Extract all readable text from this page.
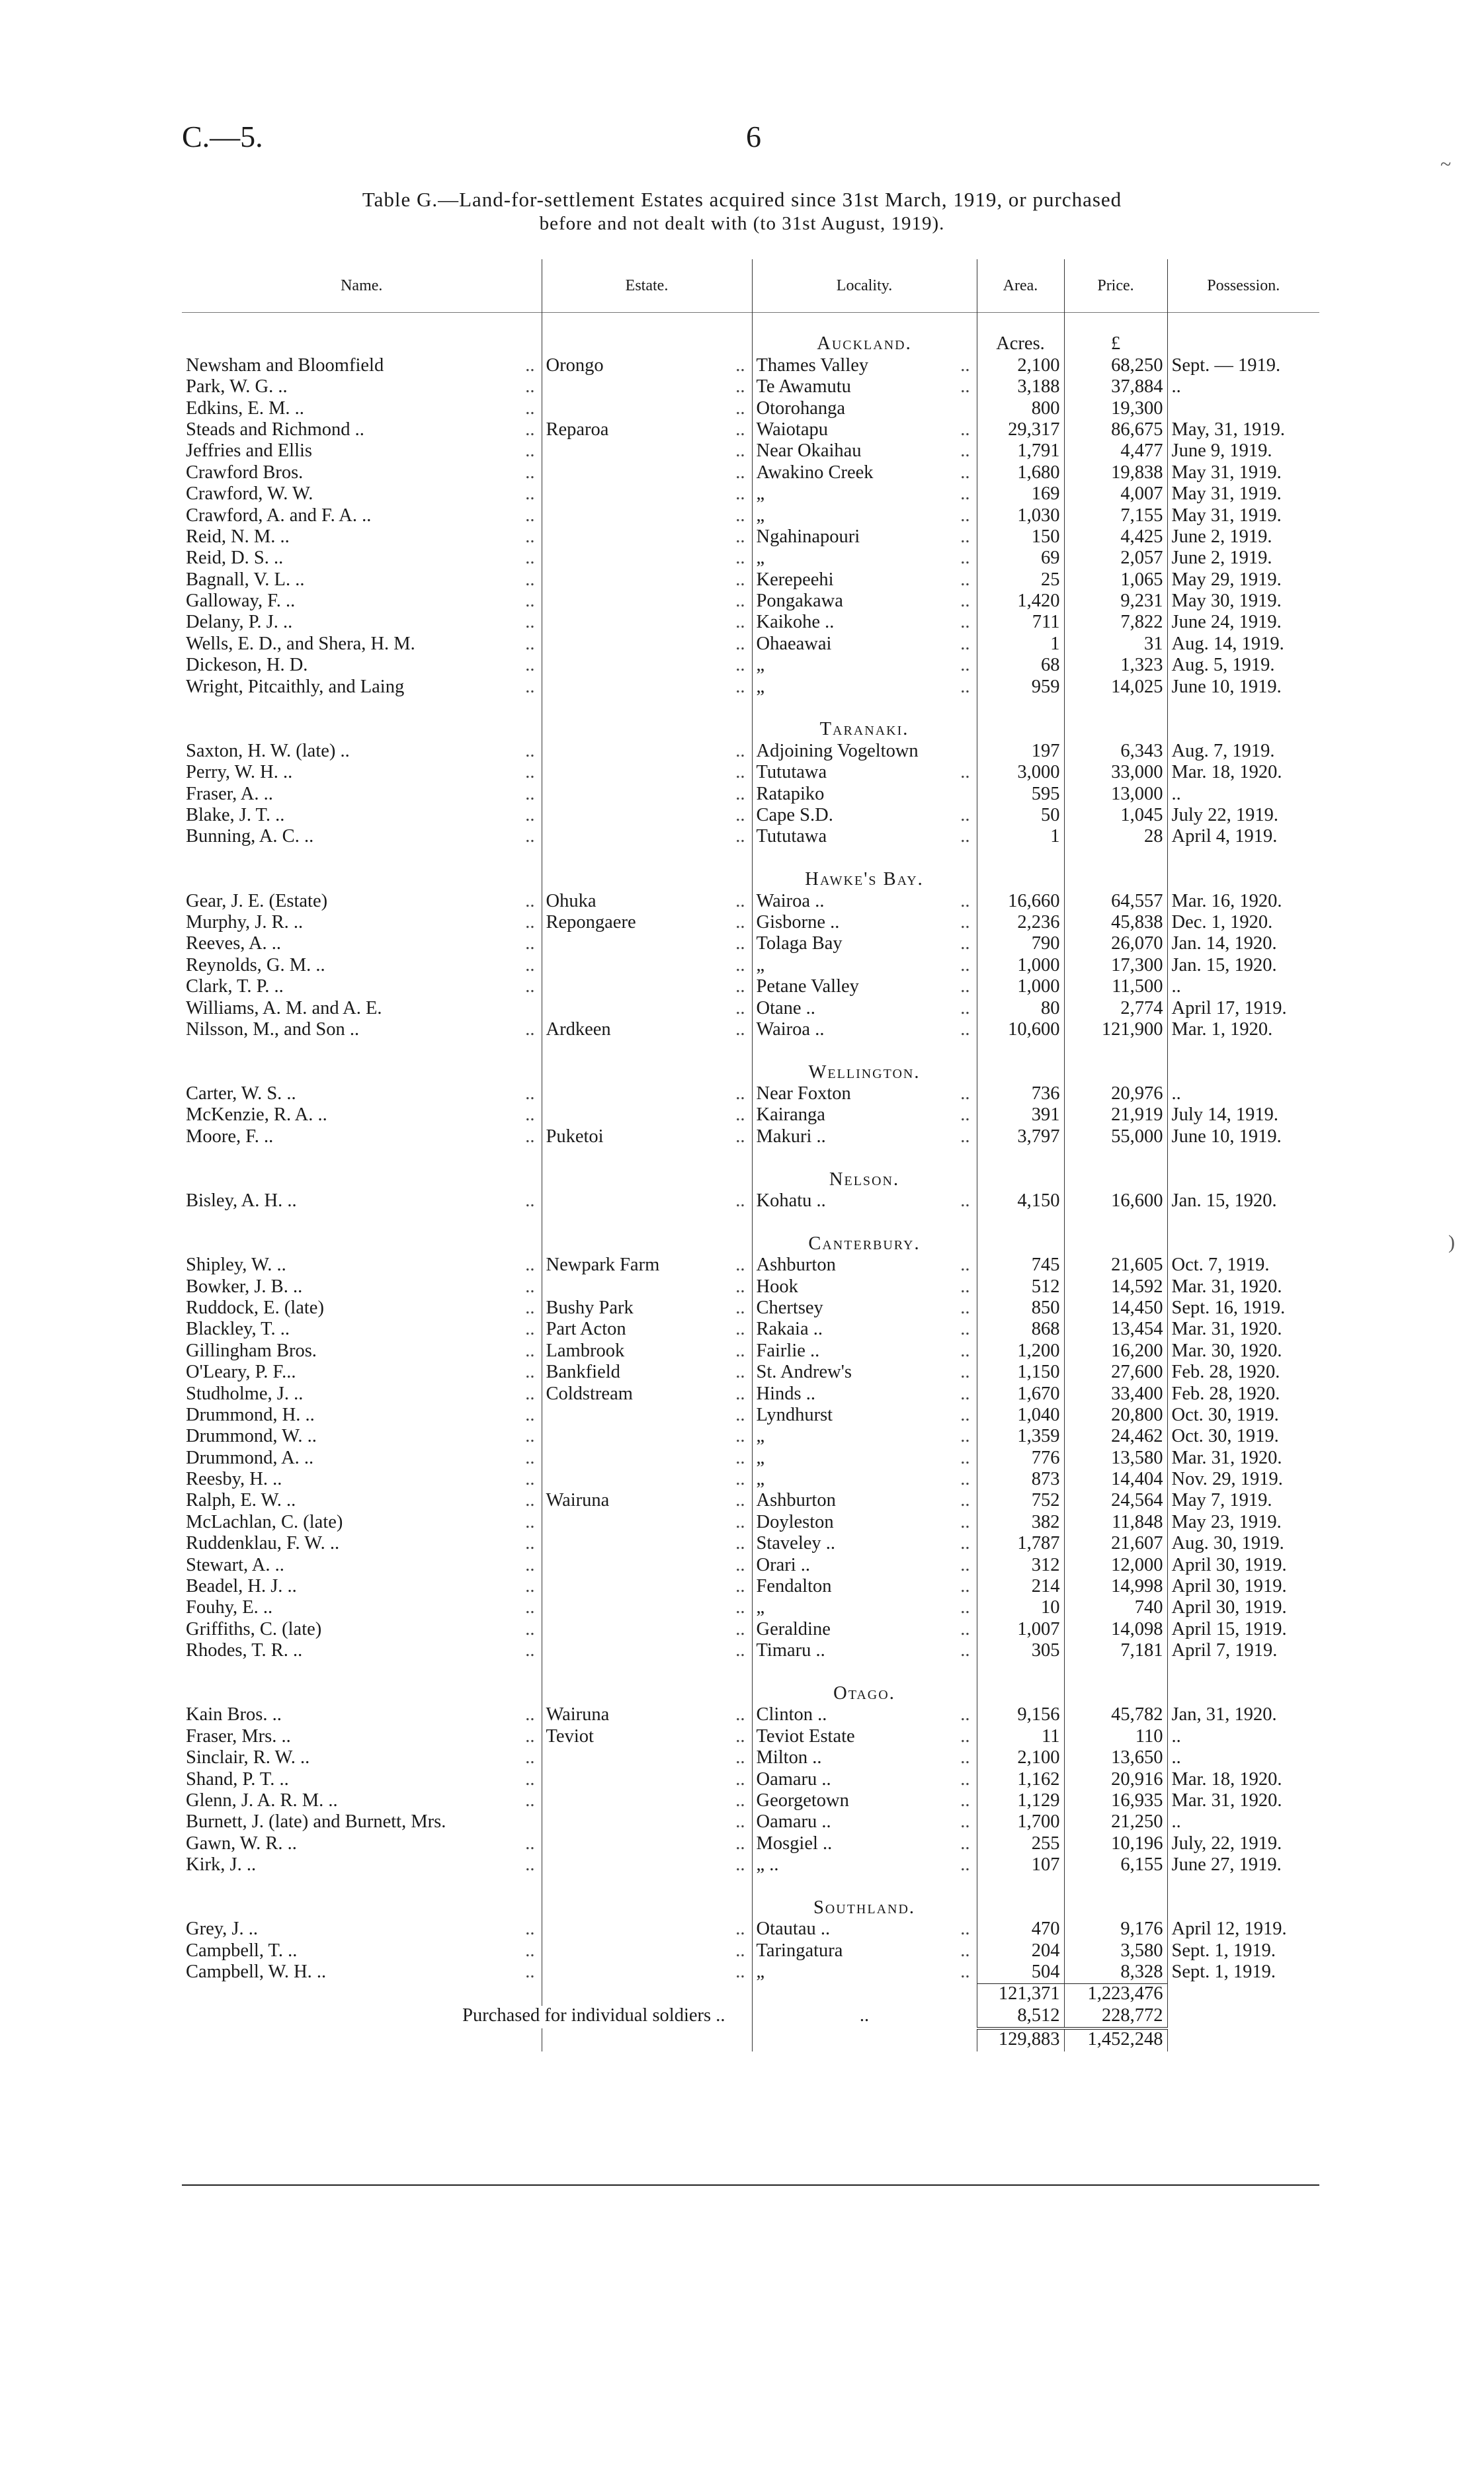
C.—5.	6
~
Table G.—Land-for-settlement Estates acquired since 31st March, 1919, or purchased
before and not dealt with (to 31st August, 1919).
Name.	Estate.	Locality.	Area.	Price.	Possession.

		Auckland.	Acres.	£	
Newsham and Bloomfield ..	Orongo ..	Thames Valley ..	2,100	68,250	Sept. — 1919.
Park, W. G. .. ..	..	Te Awamutu ..	3,188	37,884	..
Edkins, E. M. .. ..	..	Otorohanga	800	19,300	
Steads and Richmond .. ..	Reparoa ..	Waiotapu ..	29,317	86,675	May, 31, 1919.
Jeffries and Ellis ..	..	Near Okaihau ..	1,791	4,477	June 9, 1919.
Crawford Bros. ..	..	Awakino Creek ..	1,680	19,838	May 31, 1919.
Crawford, W. W. ..	..	„ ..	169	4,007	May 31, 1919.
Crawford, A. and F. A. .. ..	..	„ ..	1,030	7,155	May 31, 1919.
Reid, N. M. .. ..	..	Ngahinapouri ..	150	4,425	June 2, 1919.
Reid, D. S. .. ..	..	„ ..	69	2,057	June 2, 1919.
Bagnall, V. L. .. ..	..	Kerepeehi ..	25	1,065	May 29, 1919.
Galloway, F. .. ..	..	Pongakawa ..	1,420	9,231	May 30, 1919.
Delany, P. J. .. ..	..	Kaikohe .. ..	711	7,822	June 24, 1919.
Wells, E. D., and Shera, H. M. ..	..	Ohaeawai ..	1	31	Aug. 14, 1919.
Dickeson, H. D. ..	..	„ ..	68	1,323	Aug. 5, 1919.
Wright, Pitcaithly, and Laing ..	..	„ ..	959	14,025	June 10, 1919.

		Taranaki.			
Saxton, H. W. (late) .. ..	..	Adjoining Vogeltown	197	6,343	Aug. 7, 1919.
Perry, W. H. .. ..	..	Tututawa ..	3,000	33,000	Mar. 18, 1920.
Fraser, A. .. ..	..	Ratapiko	595	13,000	..
Blake, J. T. .. ..	..	Cape S.D. ..	50	1,045	July 22, 1919.
Bunning, A. C. .. ..	..	Tututawa ..	1	28	April 4, 1919.

		Hawke's Bay.			
Gear, J. E. (Estate) ..	Ohuka ..	Wairoa .. ..	16,660	64,557	Mar. 16, 1920.
Murphy, J. R. .. ..	Repongaere ..	Gisborne .. ..	2,236	45,838	Dec. 1, 1920.
Reeves, A. .. ..	..	Tolaga Bay ..	790	26,070	Jan. 14, 1920.
Reynolds, G. M. .. ..	..	„ ..	1,000	17,300	Jan. 15, 1920.
Clark, T. P. .. ..	..	Petane Valley ..	1,000	11,500	..
Williams, A. M. and A. E.	..	Otane .. ..	80	2,774	April 17, 1919.
Nilsson, M., and Son .. ..	Ardkeen ..	Wairoa .. ..	10,600	121,900	Mar. 1, 1920.

		Wellington.			
Carter, W. S. .. ..	..	Near Foxton ..	736	20,976	..
McKenzie, R. A. .. ..	..	Kairanga ..	391	21,919	July 14, 1919.
Moore, F. .. ..	Puketoi ..	Makuri .. ..	3,797	55,000	June 10, 1919.

		Nelson.			
Bisley, A. H. .. ..	..	Kohatu .. ..	4,150	16,600	Jan. 15, 1920.

		Canterbury.			
Shipley, W. .. ..	Newpark Farm ..	Ashburton ..	745	21,605	Oct. 7, 1919.
Bowker, J. B. .. ..	..	Hook ..	512	14,592	Mar. 31, 1920.
Ruddock, E. (late) ..	Bushy Park ..	Chertsey ..	850	14,450	Sept. 16, 1919.
Blackley, T. .. ..	Part Acton ..	Rakaia .. ..	868	13,454	Mar. 31, 1920.
Gillingham Bros. ..	Lambrook ..	Fairlie .. ..	1,200	16,200	Mar. 30, 1920.
O'Leary, P. F... ..	Bankfield ..	St. Andrew's ..	1,150	27,600	Feb. 28, 1920.
Studholme, J. .. ..	Coldstream ..	Hinds .. ..	1,670	33,400	Feb. 28, 1920.
Drummond, H. .. ..	..	Lyndhurst ..	1,040	20,800	Oct. 30, 1919.
Drummond, W. .. ..	..	„ ..	1,359	24,462	Oct. 30, 1919.
Drummond, A. .. ..	..	„ ..	776	13,580	Mar. 31, 1920.
Reesby, H. .. ..	..	„ ..	873	14,404	Nov. 29, 1919.
Ralph, E. W. .. ..	Wairuna ..	Ashburton ..	752	24,564	May 7, 1919.
McLachlan, C. (late) ..	..	Doyleston ..	382	11,848	May 23, 1919.
Ruddenklau, F. W. .. ..	..	Staveley .. ..	1,787	21,607	Aug. 30, 1919.
Stewart, A. .. ..	..	Orari .. ..	312	12,000	April 30, 1919.
Beadel, H. J. .. ..	..	Fendalton ..	214	14,998	April 30, 1919.
Fouhy, E. .. ..	..	„ ..	10	740	April 30, 1919.
Griffiths, C. (late) ..	..	Geraldine ..	1,007	14,098	April 15, 1919.
Rhodes, T. R. .. ..	..	Timaru .. ..	305	7,181	April 7, 1919.

		Otago.			
Kain Bros. .. ..	Wairuna ..	Clinton .. ..	9,156	45,782	Jan, 31, 1920.
Fraser, Mrs. .. ..	Teviot ..	Teviot Estate ..	11	110	..
Sinclair, R. W. .. ..	..	Milton .. ..	2,100	13,650	..
Shand, P. T. .. ..	..	Oamaru .. ..	1,162	20,916	Mar. 18, 1920.
Glenn, J. A. R. M. .. ..	..	Georgetown ..	1,129	16,935	Mar. 31, 1920.
Burnett, J. (late) and Burnett, Mrs.	..	Oamaru .. ..	1,700	21,250	..
Gawn, W. R. .. ..	..	Mosgiel .. ..	255	10,196	July, 22, 1919.
Kirk, J. .. ..	..	„ .. ..	107	6,155	June 27, 1919.

		Southland.			
Grey, J. .. ..	..	Otautau .. ..	470	9,176	April 12, 1919.
Campbell, T. .. ..	..	Taringatura ..	204	3,580	Sept. 1, 1919.
Campbell, W. H. .. ..	..	„ ..	504	8,328	Sept. 1, 1919.
			121,371	1,223,476	
Purchased for individual soldiers ..		..	8,512	228,772	
			129,883	1,452,248	
)
